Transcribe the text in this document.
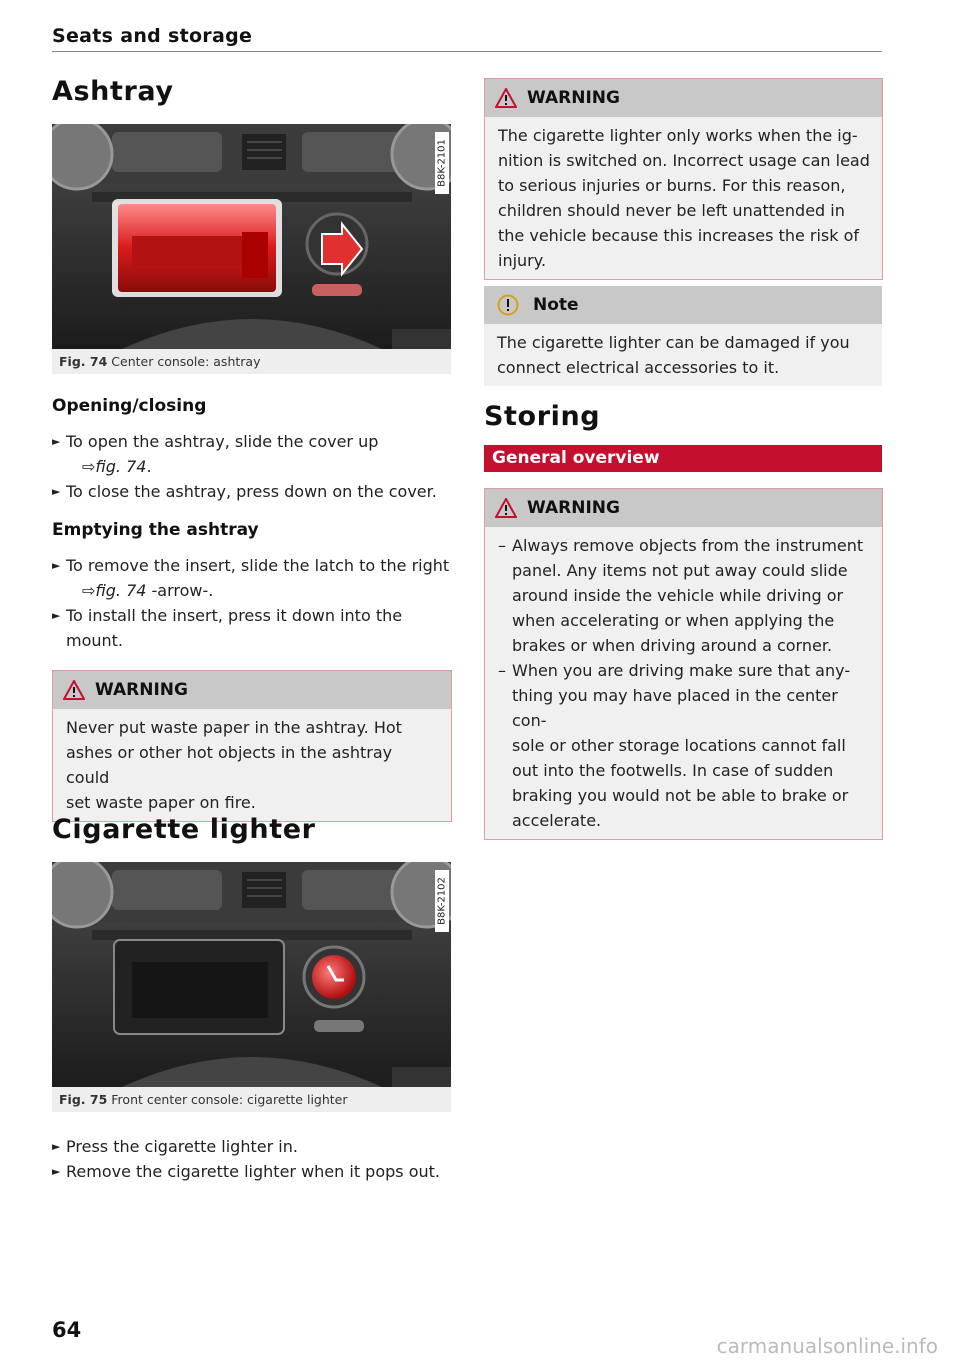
Seats and storage
Ashtray
B8K-2101
Fig. 74 Center console: ashtray
Opening/closing
► To open the ashtray, slide the cover up
⇨fig. 74.
► To close the ashtray, press down on the cover.
Emptying the ashtray
► To remove the insert, slide the latch to the right
⇨fig. 74 -arrow-.
► To install the insert, press it down into the
mount.
WARNING
Never put waste paper in the ashtray. Hot
ashes or other hot objects in the ashtray could
set waste paper on fire.
Cigarette lighter
B8K-2102
Fig. 75 Front center console: cigarette lighter
► Press the cigarette lighter in.
► Remove the cigarette lighter when it pops out.
WARNING
The cigarette lighter only works when the ig-
nition is switched on. Incorrect usage can lead
to serious injuries or burns. For this reason,
children should never be left unattended in
the vehicle because this increases the risk of
injury.
Note
The cigarette lighter can be damaged if you
connect electrical accessories to it.
Storing
General overview
WARNING
– Always remove objects from the instrument
panel. Any items not put away could slide
around inside the vehicle while driving or
when accelerating or when applying the
brakes or when driving around a corner.
– When you are driving make sure that any-
thing you may have placed in the center con-
sole or other storage locations cannot fall
out into the footwells. In case of sudden
braking you would not be able to brake or
accelerate.
64
carmanualsonline.info
